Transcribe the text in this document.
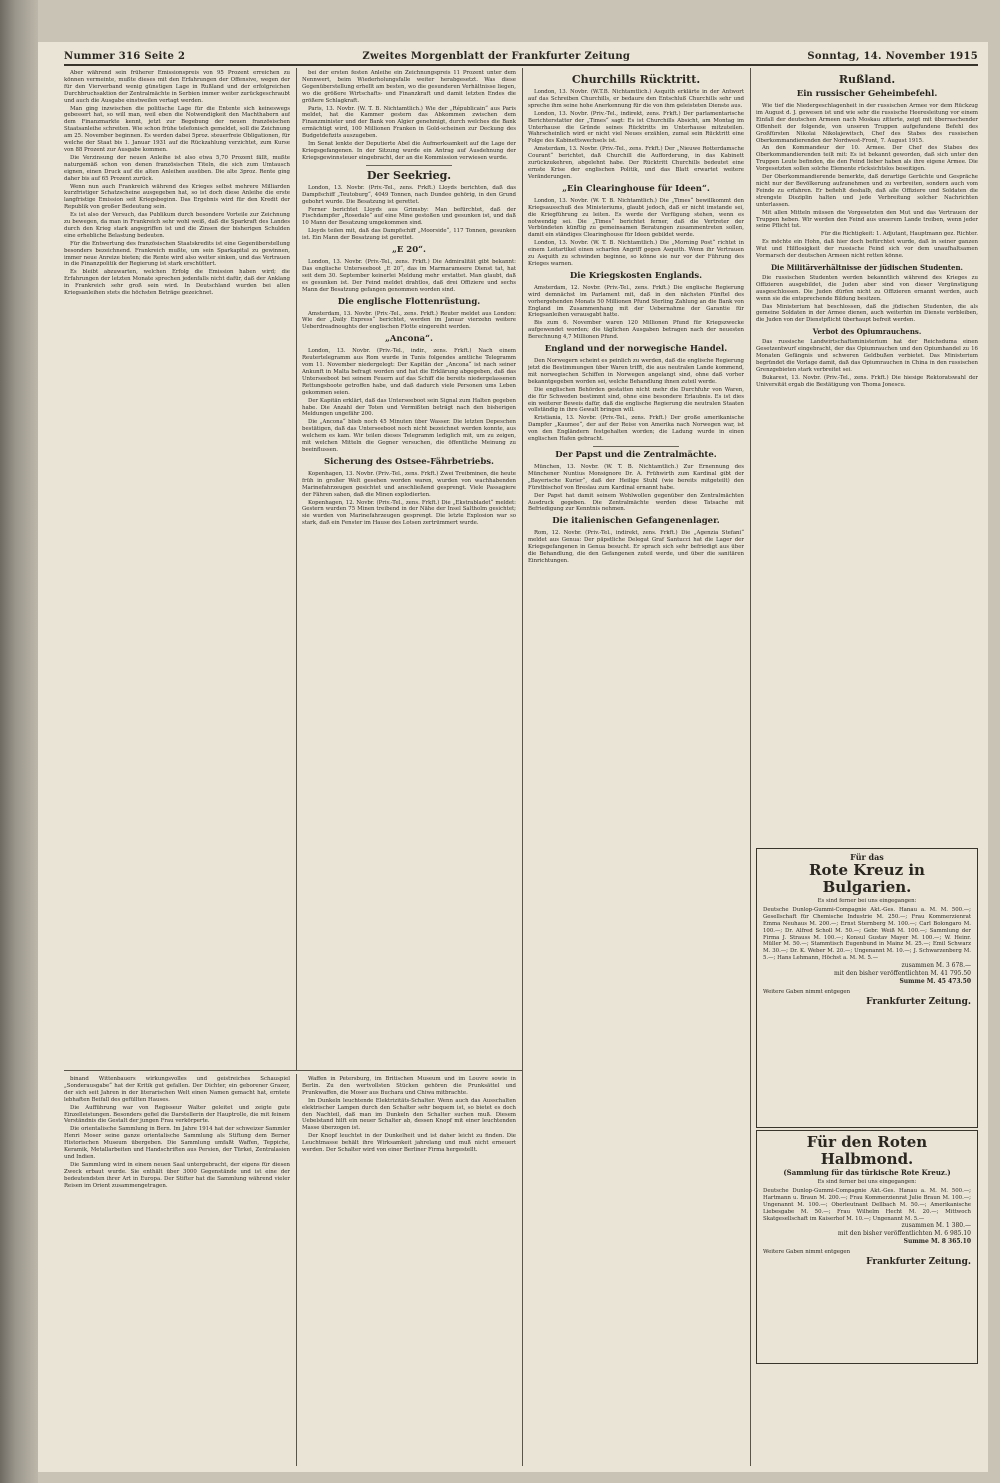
Nummer 316 Seite 2	Zweites Morgenblatt der Frankfurter Zeitung	Sonntag, 14. November 1915

Aber während sein früherer Emissionspreis von 95 Prozent erreichen zu können vermeinte, mußte dieses mit den Erfahrungen der Offensive, wegen der für den Vierverband wenig günstigen Lage in Rußland und der erfolgreichen Durchbruchsaktion der Zentralmächte in Serbien immer weiter zurückgeschraubt und auch die Ausgabe einstweilen vertagt werden.

Man ging inzwischen die politische Lage für die Entente sich keineswegs gebessert hat, so will man, weil eben die Notwendigkeit den Machthabern auf dem Finanzmarkte kennt, jetzt zur Begebung der neuen französischen Staatsanleihe schreiten. Wie schon frühe telefonisch gemeldet, soll die Zeichnung am 25. November beginnen. Es werden dabei 5proz. steuerfreie Obligationen, für welche der Staat bis 1. Januar 1931 auf die Rückzahlung verzichtet, zum Kurse von 88 Prozent zur Ausgabe kommen.

Die Verzinsung der neuen Anleihe ist also etwa 5,70 Prozent fällt, mußte naturgemäß schon von denen französischen Titeln, die sich zum Umtausch eignen, einen Druck auf die alten Anleihen ausüben. Die alte 3proz. Rente ging daher bis auf 65 Prozent zurück.

Wenn nun auch Frankreich während des Krieges selbst mehrere Milliarden kurzfristiger Schatzscheine ausgegeben hat, so ist doch diese Anleihe die erste langfristige Emission seit Kriegsbeginn. Das Ergebnis wird für den Kredit der Republik von großer Bedeutung sein.

Es ist also der Versuch, das Publikum durch besondere Vorteile zur Zeichnung zu bewegen, da man in Frankreich sehr wohl weiß, daß die Sparkraft des Landes durch den Krieg stark angegriffen ist und die Zinsen der bisherigen Schulden eine erhebliche Belastung bedeuten.

Für die Entwertung des französischen Staatskredits ist eine Gegenüberstellung besonders bezeichnend. Frankreich mußte, um sein Sparkapital zu gewinnen, immer neue Anreize bieten; die Rente wird also weiter sinken, und das Vertrauen in die Finanzpolitik der Regierung ist stark erschüttert.

Es bleibt abzuwarten, welchen Erfolg die Emission haben wird; die Erfahrungen der letzten Monate sprechen jedenfalls nicht dafür, daß der Anklang in Frankreich sehr groß sein wird. In Deutschland wurden bei allen Kriegsanleihen stets die höchsten Beträge gezeichnet.

bei der ersten festen Anleihe ein Zeichnungspreis 11 Prozent unter dem Nennwert, beim Wiederholungsfalle weiter herabgesetzt. Was diese Gegenüberstellung erhellt am besten, wo die gesunderen Verhältnisse liegen, wo die größere Wirtschafts- und Finanzkraft und damit letzten Endes die größere Schlagkraft.

Paris, 13. Novbr. (W. T. B. Nichtamtlich.) Wie der „Républicain“ aus Paris meldet, hat die Kammer gestern das Abkommen zwischen dem Finanzminister und der Bank von Algier genehmigt, durch welches die Bank ermächtigt wird, 100 Millionen Franken in Gold-scheinen zur Deckung des Budgetdefizits auszugeben.

Im Senat lenkte der Deputierte Abel die Aufmerksamkeit auf die Lage der Kriegsgefangenen. In der Sitzung wurde ein Antrag auf Ausdehnung der Kriegsgewinnsteuer eingebracht, der an die Kommission verwiesen wurde.

Der Seekrieg.

London, 13. Novbr. (Priv.-Tel., zens. Frkft.) Lloyds berichten, daß das Dampfschiff „Teutoburg“, 4049 Tonnen, nach Dundee gehörig, in den Grund gebohrt wurde. Die Besatzung ist gerettet.

Ferner berichtet Lloyds aus Grimsby: Man befürchtet, daß der Fischdampfer „Rosedale“ auf eine Mine gestoßen und gesunken ist, und daß 10 Mann der Besatzung umgekommen sind.

Lloyds teilen mit, daß das Dampfschiff „Moorside“, 117 Tonnen, gesunken ist. Ein Mann der Besatzung ist gerettet.

„E 20“.

London, 13. Novbr. (Priv.-Tel., zens. Frkft.) Die Admiralität gibt bekannt: Das englische Unterseeboot „E 20“, das im Marmarameere Dienst tat, hat seit dem 30. September keinerlei Meldung mehr erstattet. Man glaubt, daß es gesunken ist. Der Feind meldet drahtlos, daß drei Offiziere und sechs Mann der Besatzung gefangen genommen worden sind.

Die englische Flottenrüstung.

Amsterdam, 13. Novbr. (Priv.-Tel., zens. Frkft.) Reuter meldet aus London: Wie der „Daily Express“ berichtet, werden im Januar vierzehn weitere Ueberdreadnoughts der englischen Flotte eingereiht werden.

„Ancona“.

London, 13. Novbr. (Priv.-Tel., indir., zens. Frkft.) Nach einem Reutertelegramm aus Rom wurde in Tunis folgendes amtliche Telegramm vom 11. November niedergelegt: Der Kapitän der „Ancona“ ist nach seiner Ankunft in Malta befragt worden und hat die Erklärung abgegeben, daß das Unterseeboot bei seinem Feuern auf das Schiff die bereits niedergelassenen Rettungsboote getroffen habe, und daß dadurch viele Personen ums Leben gekommen seien.

Der Kapitän erklärt, daß das Unterseeboot sein Signal zum Halten gegeben habe. Die Anzahl der Toten und Vermißten beträgt nach den bisherigen Meldungen ungefähr 200.

Die „Ancona“ blieb noch 45 Minuten über Wasser. Die letzten Depeschen bestätigen, daß das Unterseeboot noch nicht bezeichnet werden konnte, aus welchem es kam. Wir teilen dieses Telegramm lediglich mit, um zu zeigen, mit welchen Mitteln die Gegner versuchen, die öffentliche Meinung zu beeinflussen.

Sicherung des Ostsee-Fährbetriebs.

Kopenhagen, 13. Novbr. (Priv.-Tel., zens. Frkft.) Zwei Treibminen, die heute früh in großer Welt gesehen worden waren, wurden von wachhabenden Marinefahrzeugen gesichtet und anschließend gesprengt. Viele Passagiere der Fähren sahen, daß die Minen explodierten.

Kopenhagen, 12. Novbr. (Priv.-Tel., zens. Frkft.) Die „Ekstrabladet“ meldet: Gestern wurden 75 Minen treibend in der Nähe der Insel Saltholm gesichtet; sie wurden von Marinefahrzeugen gesprengt. Die letzte Explosion war so stark, daß ein Fenster im Hause des Lotsen zertrümmert wurde.

Churchills Rücktritt.

London, 13. Novbr. (W.T.B. Nichtamtlich.) Asquith erklärte in der Antwort auf das Schreiben Churchills, er bedaure den Entschluß Churchills sehr und spreche ihm seine hohe Anerkennung für die von ihm geleisteten Dienste aus.

London, 13. Novbr. (Priv.-Tel., indirekt, zens. Frkft.) Der parlamentarische Berichterstatter der „Times“ sagt: Es ist Churchills Absicht, am Montag im Unterhause die Gründe seines Rücktritts im Unterhause mitzuteilen. Wahrscheinlich wird er nicht viel Neues erzählen, zumal sein Rücktritt eine Folge des Kabinettswechsels ist.

Amsterdam, 13. Novbr. (Priv.-Tel., zens. Frkft.) Der „Nieuwe Rotterdamsche Courant“ berichtet, daß Churchill die Aufforderung, in das Kabinett zurückzukehren, abgelehnt habe. Der Rücktritt Churchills bedeutet eine ernste Krise der englischen Politik, und das Blatt erwartet weitere Veränderungen.

„Ein Clearinghouse für Ideen“.

London, 13. Novbr. (W. T. B. Nichtamtlich.) Die „Times“ bewillkommt den Kriegsausschuß des Ministeriums, glaubt jedoch, daß er nicht imstande sei, die Kriegführung zu leiten. Es werde der Verfügung stehen, wenn es notwendig sei. Die „Times“ berichtet ferner, daß die Vertreter der Verbündeten künftig zu gemeinsamen Beratungen zusammentreten sollen, damit ein ständiges Clearinghouse für Ideen gebildet werde.

London, 13. Novbr. (W. T. B. Nichtamtlich.) Die „Morning Post“ richtet in einem Leitartikel einen scharfen Angriff gegen Asquith. Wenn ihr Vertrauen zu Asquith zu schwinden beginne, so könne sie nur vor der Führung des Krieges warnen.

Die Kriegskosten Englands.

Amsterdam, 12. Novbr. (Priv.-Tel., zens. Frkft.) Die englische Regierung wird demnächst im Parlament mit, daß in den nächsten Fünftel des vorhergehenden Monats 50 Millionen Pfund Sterling Zahlung an die Bank von England im Zusammenhang mit der Uebernahme der Garantie für Kriegsanleihen verausgabt hatte.

Bis zum 6. November waren 120 Millionen Pfund für Kriegszwecke aufgewendet worden; die täglichen Ausgaben betragen nach der neuesten Berechnung 4,7 Millionen Pfund.

England und der norwegische Handel.

Den Norwegern scheint es peinlich zu werden, daß die englische Regierung jetzt die Bestimmungen über Waren trifft, die aus neutralen Lande kommend, mit norwegischen Schiffen in Norwegen angelangt sind, ohne daß vorher bekanntgegeben worden sei, welche Behandlung ihnen zuteil werde.

Die englischen Behörden gestatten nicht mehr die Durchfuhr von Waren, die für Schweden bestimmt sind, ohne eine besondere Erlaubnis. Es ist dies ein weiterer Beweis dafür, daß die englische Regierung die neutralen Staaten vollständig in ihre Gewalt bringen will.

Kristiania, 13. Novbr. (Priv.-Tel., zens. Frkft.) Der große amerikanische Dampfer „Kaumee“, der auf der Reise von Amerika nach Norwegen war, ist von den Engländern festgehalten worden; die Ladung wurde in einen englischen Hafen gebracht.

Der Papst und die Zentralmächte.

München, 13. Novbr. (W. T. B. Nichtamtlich.) Zur Ernennung des Münchener Nuntius Monsignore Dr. A. Frühwirth zum Kardinal gibt der „Bayerische Kurier“, daß der Heilige Stuhl (wie bereits mitgeteilt) den Fürstbischof von Breslau zum Kardinal ernannt habe.

Der Papst hat damit seinem Wohlwollen gegenüber den Zentralmächten Ausdruck gegeben. Die Zentralmächte werden diese Tatsache mit Befriedigung zur Kenntnis nehmen.

Die italienischen Gefangenenlager.

Rom, 12. Novbr. (Priv.-Tel., indirekt, zens. Frkft.) Die „Agenzia Stefani“ meldet aus Genua: Der päpstliche Delegat Graf Santucci hat die Lager der Kriegsgefangenen in Genua besucht. Er sprach sich sehr befriedigt aus über die Behandlung, die den Gefangenen zuteil werde, und über die sanitären Einrichtungen.

Rußland.
Ein russischer Geheimbefehl.

Wie tief die Niedergeschlagenheit in der russischen Armee vor dem Rückzug im August d. J. gewesen ist und wie sehr die russische Heeresleitung vor einem Einfall der deutschen Armeen nach Moskau zitterte, zeigt mit überraschender Offenheit der folgende, von unseren Truppen aufgefundene Befehl des Großfürsten Nikolai Nikolajewitsch, Chef des Stabes des russischen Oberkommandierenden der Nordwest-Front, 7. August 1915.

An den Kommandeur der 10. Armee. Der Chef des Stabes des Oberkommandierenden teilt mit: Es ist bekannt geworden, daß sich unter den Truppen Leute befinden, die den Feind lieber haben als ihre eigene Armee. Die Vorgesetzten sollen solche Elemente rücksichtslos beseitigen.

Der Oberkommandierende bemerkte, daß derartige Gerüchte und Gespräche nicht nur der Bevölkerung aufzunehmen und zu verbreiten, sondern auch vom Feinde zu erfahren. Er befiehlt deshalb, daß alle Offiziere und Soldaten die strengste Disziplin halten und jede Verbreitung solcher Nachrichten unterlassen.

Mit allen Mitteln müssen die Vorgesetzten den Mut und das Vertrauen der Truppen heben. Wir werden den Feind aus unserem Lande treiben, wenn jeder seine Pflicht tut.

Für die Richtigkeit: 1. Adjutant, Hauptmann gez. Richter.

Es möchte ein Hohn, daß hier doch befürchtet wurde, daß in seiner ganzen Wut und Hilflosigkeit der russische Feind sich vor dem unaufhaltsamen Vormarsch der deutschen Armeen nicht retten könne.

Die Militärverhältnisse der jüdischen Studenten.

Die russischen Studenten werden bekanntlich während des Krieges zu Offizieren ausgebildet, die Juden aber sind von dieser Vergünstigung ausgeschlossen. Die Juden dürfen nicht zu Offizieren ernannt werden, auch wenn sie die entsprechende Bildung besitzen.

Das Ministerium hat beschlossen, daß die jüdischen Studenten, die als gemeine Soldaten in der Armee dienen, auch weiterhin im Dienste verbleiben, die Juden von der Dienstpflicht überhaupt befreit werden.

Verbot des Opiumrauchens.

Das russische Landwirtschaftsministerium hat der Reichsduma einen Gesetzentwurf eingebracht, der das Opiumrauchen und den Opiumhandel zu 16 Monaten Gefängnis und schweren Geldbußen verbietet. Das Ministerium begründet die Vorlage damit, daß das Opiumrauchen in China in den russischen Grenzgebieten stark verbreitet sei.

Bukarest, 13. Novbr. (Priv.-Tel., zens. Frkft.) Die hiesige Rektoratswahl der Universität ergab die Bestätigung von Thoma Jonescu.

Für das
Rote Kreuz in Bulgarien.
Es sind ferner bei uns eingegangen:
Deutsche Dunlop-Gummi-Compagnie Akt.-Ges. Hanau a. M. M. 500.—; Gesellschaft für Chemische Industrie M. 250.—; Frau Kommerzienrat Emma Neuhaus M. 200.—; Ernst Sternberg M. 100.—; Carl Bolongaro M. 100.—; Dr. Alfred Scholl M. 50.—; Gebr. Weiß M. 100.—; Sammlung der Firma J. Strauss M. 100.—; Konsul Gustav Mayer M. 100.—; W. Heinr. Müller M. 50.—; Stammtisch Eugenbund in Mainz M. 25.—; Emil Schwarz M. 30.—; Dr. K. Weber M. 20.—; Ungenannt M. 10.—; J. Schwarzenberg M. 5.—; Hans Lehmann, Höchst a. M. M. 5.—
zusammen M. 3 678.—
mit den bisher veröffentlichten M. 41 795.50
Summe M. 45 473.50
Weitere Gaben nimmt entgegen
Frankfurter Zeitung.
Für den Roten Halbmond.
(Sammlung für das türkische Rote Kreuz.)
Es sind ferner bei uns eingegangen:
Deutsche Dunlop-Gummi-Compagnie Akt.-Ges. Hanau a. M. M. 500.—; Hartmann u. Braun M. 200.—; Frau Kommerzienrat Julie Braun M. 100.—; Ungenannt M. 100.—; Oberleutnant Dellbach M. 50.—; Amerikanische Liebesgabe M. 50.—; Frau Wilhelm Hecht M. 20.—; Mittwoch Skatgesellschaft im Kaiserhof M. 10.—; Ungenannt M. 5.—
zusammen M. 1 380.—
mit den bisher veröffentlichten M. 6 985.10
Summe M. 8 365.10
Weitere Gaben nimmt entgegen
Frankfurter Zeitung.

binand Wittenbauers wirkungsvolles und geistreiches Schauspiel „Sonderausgabe“ hat der Kritik gut gefallen. Der Dichter, ein geborener Grazer, der sich seit Jahren in der literarischen Welt einen Namen gemacht hat, erntete lebhaften Beifall des gefüllten Hauses.

Die Aufführung war von Regisseur Walter geleitet und zeigte gute Einzelleistungen. Besonders gefiel die Darstellerin der Hauptrolle, die mit feinem Verständnis die Gestalt der jungen Frau verkörperte.

Die orientalische Sammlung in Bern. Im Jahre 1914 hat der schweizer Sammler Henri Moser seine ganze orientalische Sammlung als Stiftung dem Berner Historischen Museum übergeben. Die Sammlung umfaßt Waffen, Teppiche, Keramik, Metallarbeiten und Handschriften aus Persien, der Türkei, Zentralasien und Indien.

Die Sammlung wird in einem neuen Saal untergebracht, der eigens für diesen Zweck erbaut wurde. Sie enthält über 3000 Gegenstände und ist eine der bedeutendsten ihrer Art in Europa. Der Stifter hat die Sammlung während vieler Reisen im Orient zusammengetragen.

Waffen in Petersburg, im Britischen Museum und im Louvre sowie in Berlin. Zu den wertvollsten Stücken gehören die Prunksättel und Prunkwaffen, die Moser aus Buchara und Chiwa mitbrachte.

Im Dunkeln leuchtende Elektrizitäts-Schalter. Wenn auch das Ausschalten elektrischer Lampen durch den Schalter sehr bequem ist, so bietet es doch den Nachteil, daß man im Dunkeln den Schalter suchen muß. Diesem Uebelstand hilft ein neuer Schalter ab, dessen Knopf mit einer leuchtenden Masse überzogen ist.

Der Knopf leuchtet in der Dunkelheit und ist daher leicht zu finden. Die Leuchtmasse behält ihre Wirksamkeit jahrelang und muß nicht erneuert werden. Der Schalter wird von einer Berliner Firma hergestellt.
